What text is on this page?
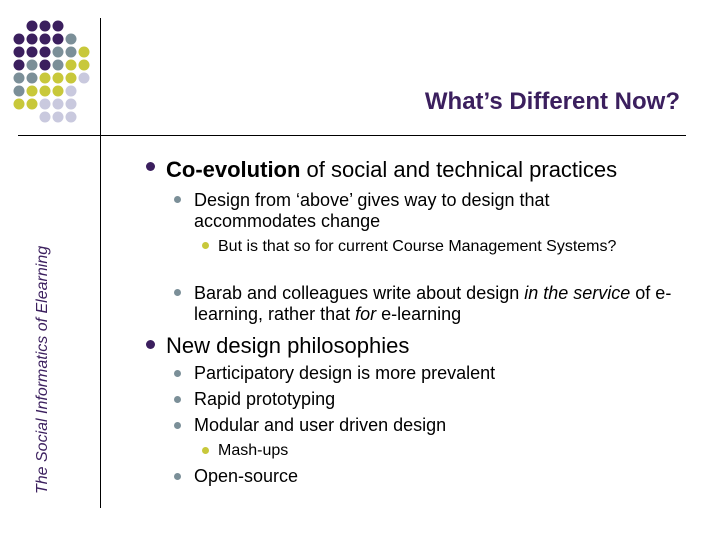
What’s Different Now?
The Social Informatics of Elearning
Co-evolution of social and technical practices
Design from ‘above’ gives way to design that accommodates change
But is that so for current Course Management Systems?
Barab and colleagues write about design in the service of e-learning, rather that for e-learning
New design philosophies
Participatory design is more prevalent
Rapid prototyping
Modular and user driven design
Mash-ups
Open-source
